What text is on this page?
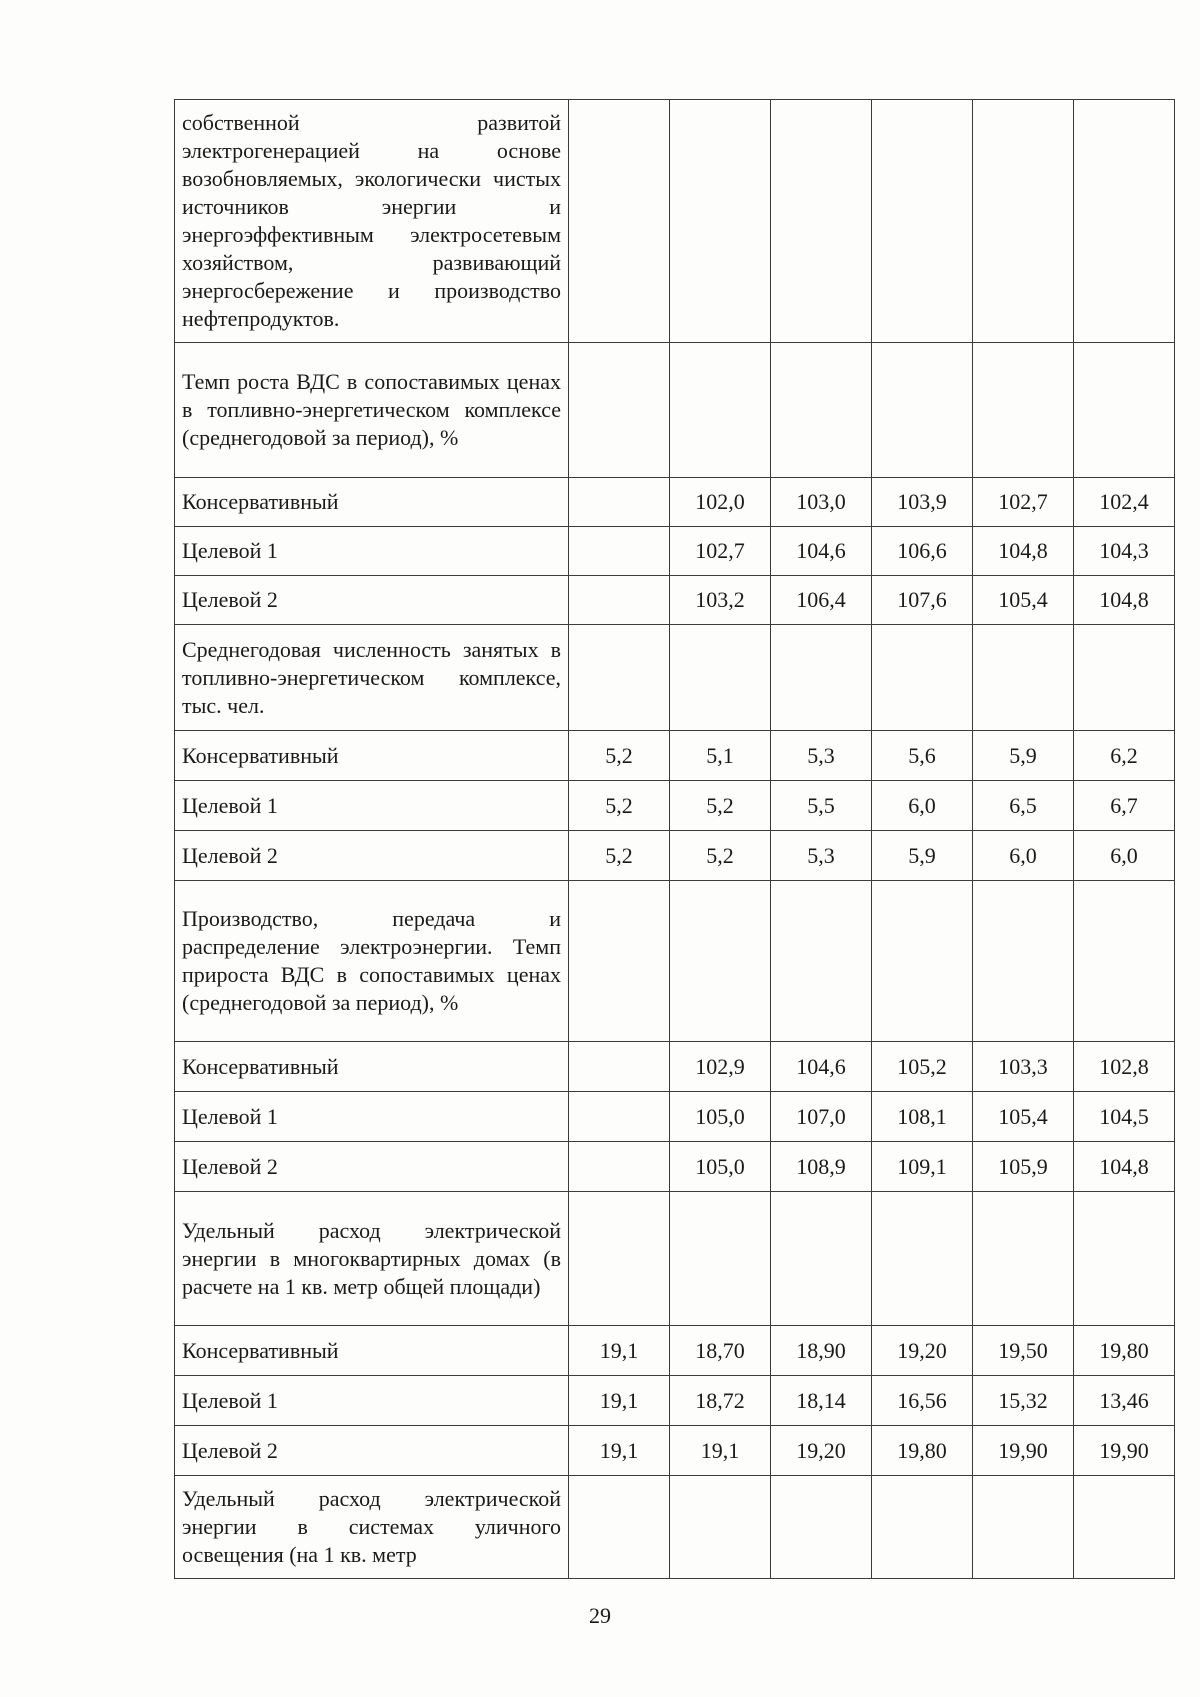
собственной развитой электрогенерацией на основе возобновляемых, экологически чистых источников энергии и энергоэффективным электросетевым хозяйством, развивающий энергосбережение и производство нефтепродуктов.						
Темп роста ВДС в сопоставимых ценах в топливно-энергетическом комплексе (среднегодовой за период), %						
Консервативный		102,0	103,0	103,9	102,7	102,4
Целевой 1		102,7	104,6	106,6	104,8	104,3
Целевой 2		103,2	106,4	107,6	105,4	104,8
Среднегодовая численность занятых в топливно-энергетическом комплексе, тыс. чел.						
Консервативный	5,2	5,1	5,3	5,6	5,9	6,2
Целевой 1	5,2	5,2	5,5	6,0	6,5	6,7
Целевой 2	5,2	5,2	5,3	5,9	6,0	6,0
Производство, передача и распределение электроэнергии. Темп прироста ВДС в сопоставимых ценах (среднегодовой за период), %						
Консервативный		102,9	104,6	105,2	103,3	102,8
Целевой 1		105,0	107,0	108,1	105,4	104,5
Целевой 2		105,0	108,9	109,1	105,9	104,8
Удельный расход электрической энергии в многоквартирных домах (в расчете на 1 кв. метр общей площади)						
Консервативный	19,1	18,70	18,90	19,20	19,50	19,80
Целевой 1	19,1	18,72	18,14	16,56	15,32	13,46
Целевой 2	19,1	19,1	19,20	19,80	19,90	19,90
Удельный расход электрической энергии в системах уличного освещения (на 1 кв. метр						
29
